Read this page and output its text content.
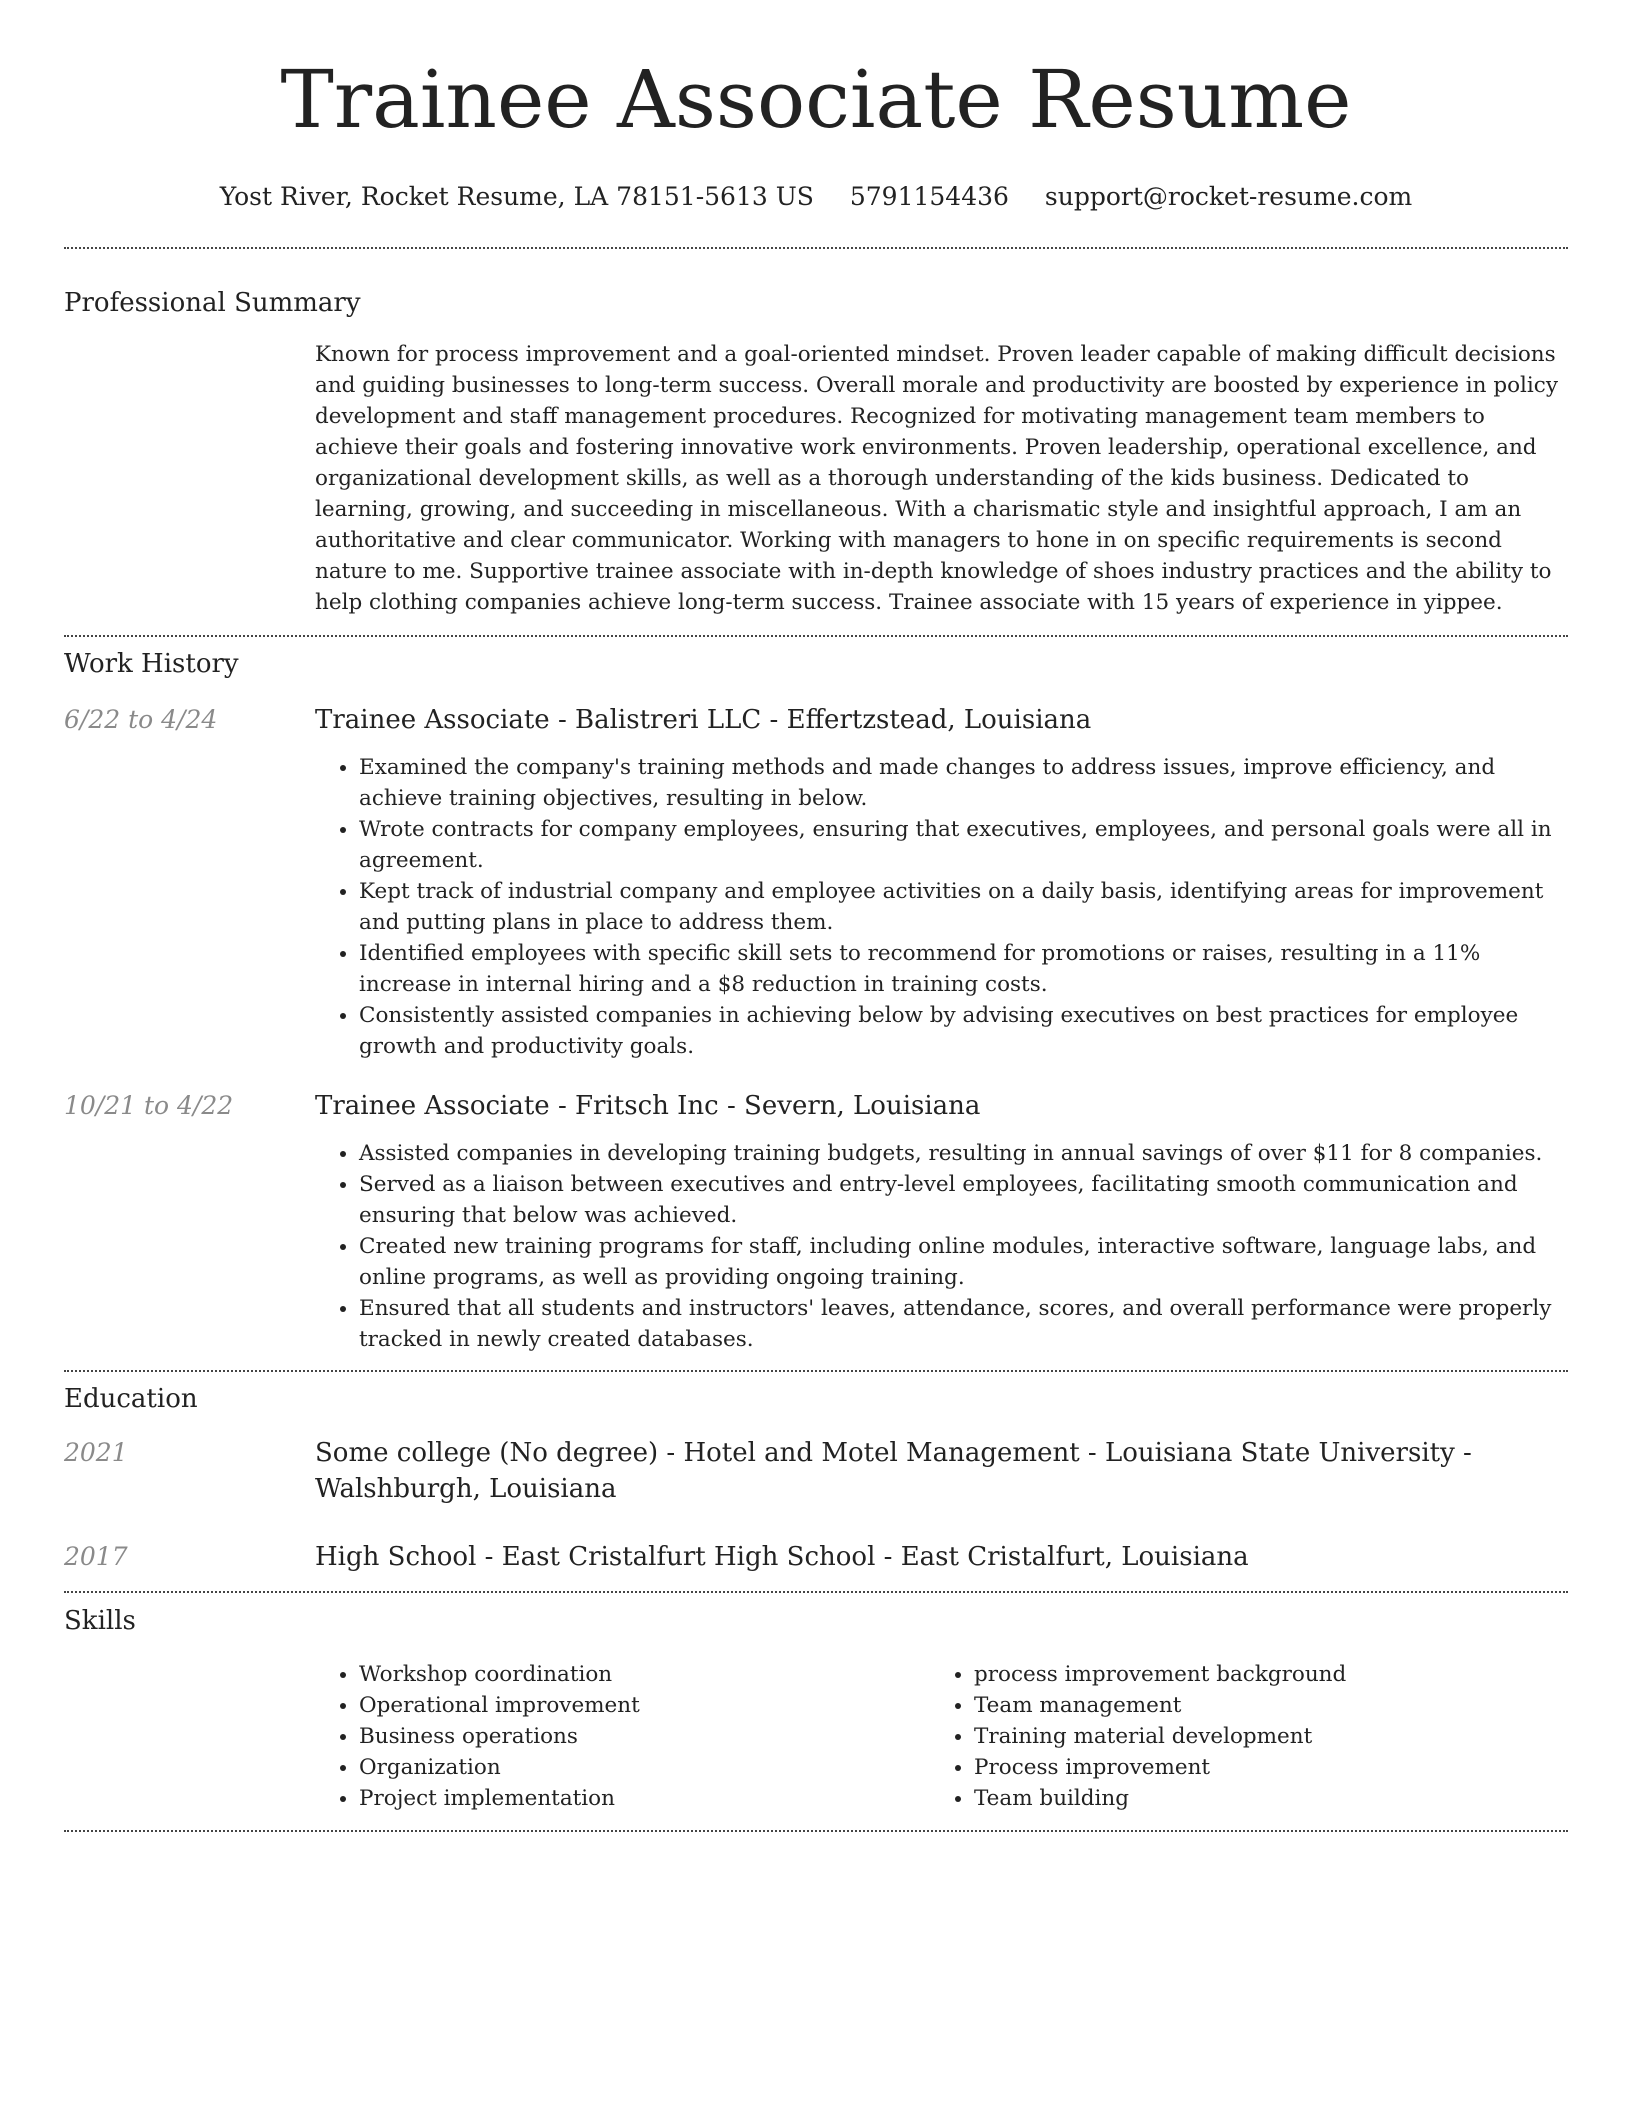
Trainee Associate Resume
Yost River, Rocket Resume, LA 78151-5613 US 5791154436 support@rocket-resume.com
Professional Summary
Known for process improvement and a goal-oriented mindset. Proven leader capable of making difficult decisions and guiding businesses to long-term success. Overall morale and productivity are boosted by experience in policy development and staff management procedures. Recognized for motivating management team members to achieve their goals and fostering innovative work environments. Proven leadership, operational excellence, and organizational development skills, as well as a thorough understanding of the kids business. Dedicated to learning, growing, and succeeding in miscellaneous. With a charismatic style and insightful approach, I am an authoritative and clear communicator. Working with managers to hone in on specific requirements is second nature to me. Supportive trainee associate with in-depth knowledge of shoes industry practices and the ability to help clothing companies achieve long-term success. Trainee associate with 15 years of experience in yippee.
Work History
6/22 to 4/24	Trainee Associate - Balistreri LLC - Effertzstead, Louisiana
• Examined the company's training methods and made changes to address issues, improve efficiency, and achieve training objectives, resulting in below.
• Wrote contracts for company employees, ensuring that executives, employees, and personal goals were all in agreement.
• Kept track of industrial company and employee activities on a daily basis, identifying areas for improvement and putting plans in place to address them.
• Identified employees with specific skill sets to recommend for promotions or raises, resulting in a 11% increase in internal hiring and a $8 reduction in training costs.
• Consistently assisted companies in achieving below by advising executives on best practices for employee growth and productivity goals.
10/21 to 4/22	Trainee Associate - Fritsch Inc - Severn, Louisiana
• Assisted companies in developing training budgets, resulting in annual savings of over $11 for 8 companies.
• Served as a liaison between executives and entry-level employees, facilitating smooth communication and ensuring that below was achieved.
• Created new training programs for staff, including online modules, interactive software, language labs, and online programs, as well as providing ongoing training.
• Ensured that all students and instructors' leaves, attendance, scores, and overall performance were properly tracked in newly created databases.
Education
2021	Some college (No degree) - Hotel and Motel Management - Louisiana State University - Walshburgh, Louisiana
2017	High School - East Cristalfurt High School - East Cristalfurt, Louisiana
Skills
• Workshop coordination
• Operational improvement
• Business operations
• Organization
• Project implementation
• process improvement background
• Team management
• Training material development
• Process improvement
• Team building
